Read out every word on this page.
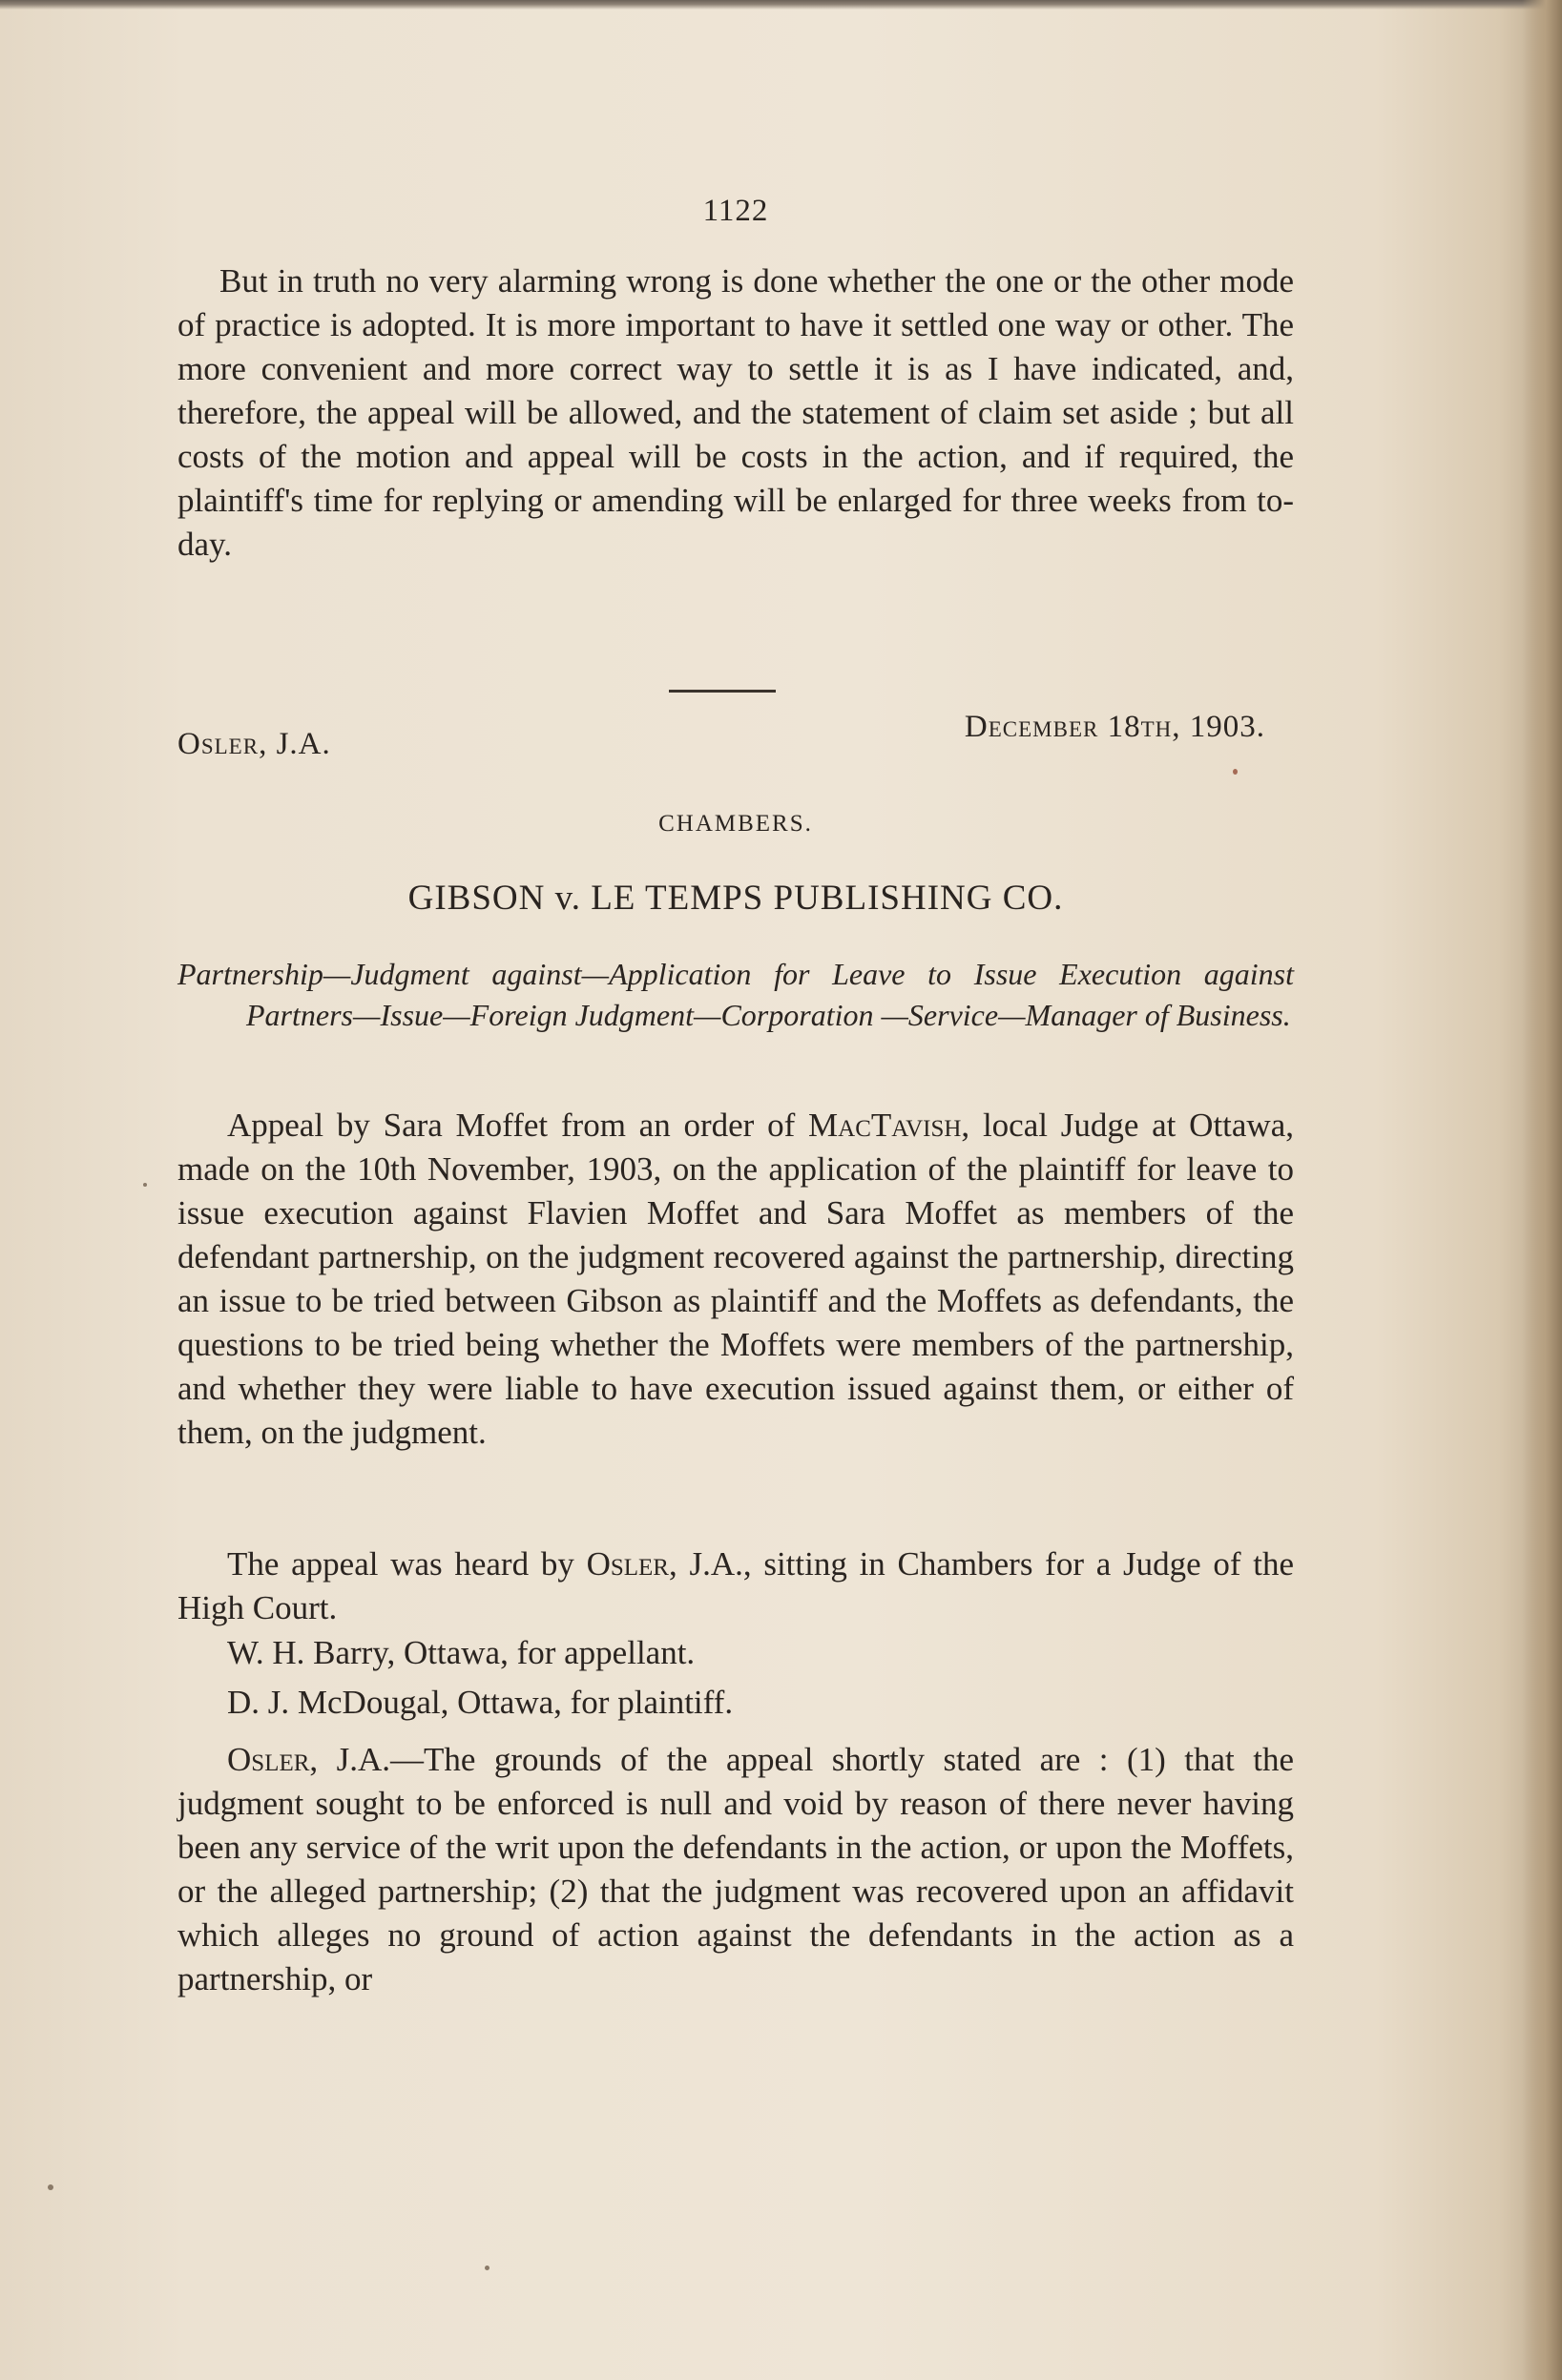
1122
But in truth no very alarming wrong is done whether the one or the other mode of practice is adopted. It is more important to have it settled one way or other. The more convenient and more correct way to settle it is as I have indicated, and, therefore, the appeal will be allowed, and the statement of claim set aside ; but all costs of the motion and appeal will be costs in the action, and if required, the plaintiff's time for replying or amending will be enlarged for three weeks from to-day.
Osler, J.A.	December 18th, 1903.
CHAMBERS.
GIBSON v. LE TEMPS PUBLISHING CO.
Partnership—Judgment against—Application for Leave to Issue Execution against Partners—Issue—Foreign Judgment—Corporation —Service—Manager of Business.
Appeal by Sara Moffet from an order of MacTavish, local Judge at Ottawa, made on the 10th November, 1903, on the application of the plaintiff for leave to issue execution against Flavien Moffet and Sara Moffet as members of the defendant partnership, on the judgment recovered against the partnership, directing an issue to be tried between Gibson as plaintiff and the Moffets as defendants, the questions to be tried being whether the Moffets were members of the partnership, and whether they were liable to have execution issued against them, or either of them, on the judgment.
The appeal was heard by Osler, J.A., sitting in Chambers for a Judge of the High Court.
W. H. Barry, Ottawa, for appellant.
D. J. McDougal, Ottawa, for plaintiff.
Osler, J.A.—The grounds of the appeal shortly stated are : (1) that the judgment sought to be enforced is null and void by reason of there never having been any service of the writ upon the defendants in the action, or upon the Moffets, or the alleged partnership; (2) that the judgment was recovered upon an affidavit which alleges no ground of action against the defendants in the action as a partnership, or
